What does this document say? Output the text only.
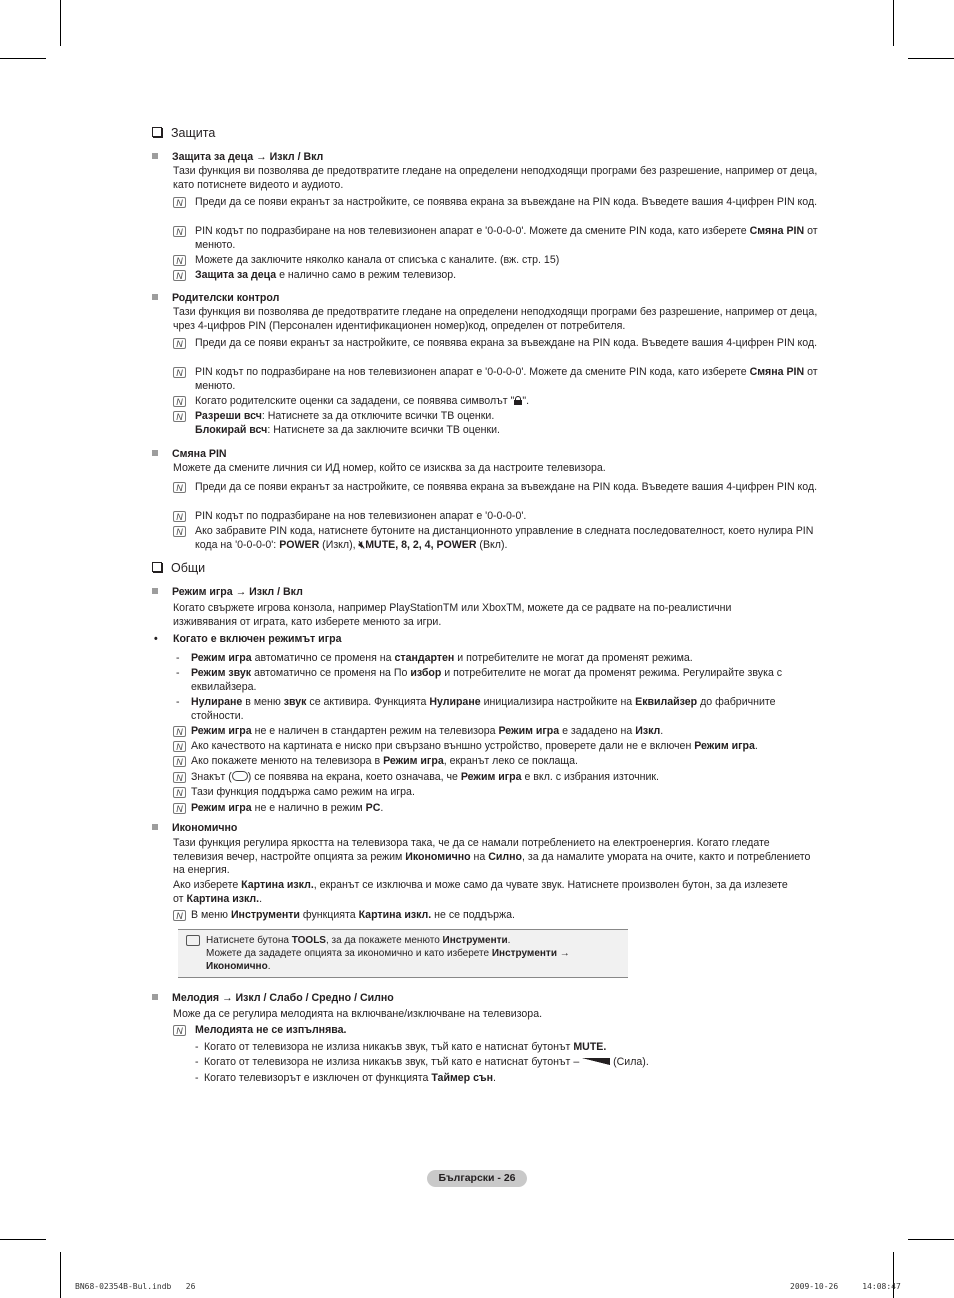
Защита
Защита за деца → Изкл / Вкл
Тази функция ви позволява де предотвратите гледане на определени неподходящи програми без разрешение, например от деца, като потиснете видеото и аудиото.
N	Преди да се появи екранът за настройките, се появява екрана за въвеждане на PIN кода. Въведете вашия 4-цифрен PIN код.
N	PIN кодът по подразбиране на нов телевизионен апарат е '0-0-0-0'. Можете да смените PIN кода, като изберете Смяна PIN от менюто.
N	Можете да заключите няколко канала от списъка с каналите. (вж. стр. 15)
N	Защита за деца е налично само в режим телевизор.
Родителски контрол
Тази функция ви позволява де предотвратите гледане на определени неподходящи програми без разрешение, например от деца, чрез 4-цифров PIN (Персонален идентификационен номер)код, определен от потребителя.
N	Преди да се появи екранът за настройките, се появява екрана за въвеждане на PIN кода. Въведете вашия 4-цифрен PIN код.
N	PIN кодът по подразбиране на нов телевизионен апарат е '0-0-0-0'. Можете да смените PIN кода, като изберете Смяна PIN от менюто.
N	Когато родителските оценки са зададени, се появява символът " ".
N	Разреши всч: Натиснете за да отключите всички ТВ оценки.
Блокирай всч: Натиснете за да заключите всички ТВ оценки.
Смяна PIN
Можете да смените личния си ИД номер, който се изисква за да настроите телевизора.
N	Преди да се появи екранът за настройките, се появява екрана за въвеждане на PIN кода. Въведете вашия 4-цифрен PIN код.
N	PIN кодът по подразбиране на нов телевизионен апарат е '0-0-0-0'.
N	Ако забравите PIN кода, натиснете бутоните на дистанционното управление в следната последователност, което нулира PIN кода на '0-0-0-0': POWER (Изкл), 🔇︎MUTE, 8, 2, 4, POWER (Вкл).
Общи
Режим игра → Изкл / Вкл
Когато свържете игрова конзола, например PlayStationTM или XboxTM, можете да се радвате на по-реалистични изживявания от играта, като изберете менюто за игри.
• Когато е включен режимът игра
- Режим игра автоматично се променя на стандартен и потребителите не могат да променят режима.
- Режим звук автоматично се променя на По избор и потребителите не могат да променят режима. Регулирайте звука с еквилайзера.
- Нулиране в меню звук се активира. Функцията Нулиране инициализира настройките на Еквилайзер до фабричните стойности.
N Режим игра не е наличен в стандартен режим на телевизора Режим игра е зададено на Изкл.
N Ако качеството на картината е ниско при свързано външно устройство, проверете дали не е включен Режим игра.
N Ако покажете менюто на телевизора в Режим игра, екранът леко се поклаща.
N Знакът ( ) се появява на екрана, което означава, че Режим игра е вкл. с избрания източник.
N Тази функция поддържа само режим на игра.
N Режим игра не е налично в режим PC.
Икономично
Тази функция регулира яркостта на телевизора така, че да се намали потреблението на електроенергия. Когато гледате телевизия вечер, настройте опцията за режим Икономично на Силно, за да намалите умората на очите, както и потреблението на енергия.
Ако изберете Картина изкл., екранът се изключва и може само да чувате звук. Натиснете произволен бутон, за да излезете от Картина изкл..
N В меню Инструменти функцията Картина изкл. не се поддържа.
Натиснете бутона TOOLS, за да покажете менюто Инструменти.
Можете да зададете опцията за икономично и като изберете Инструменти →
Икономично.
Мелодия → Изкл / Слабо / Средно / Силно
Може да се регулира мелодията на включване/изключване на телевизора.
N	Мелодията не се изпълнява.
- Когато от телевизора не излиза никакъв звук, тъй като е натиснат бутонът MUTE.
- Когато от телевизора не излиза никакъв звук, тъй като е натиснат бутонът –	(Сила).
- Когато телевизорът е изключен от функцията Таймер сън.
Български - 26
BN68-02354B-Bul.indb   26	2009-10-26     14:08:47
